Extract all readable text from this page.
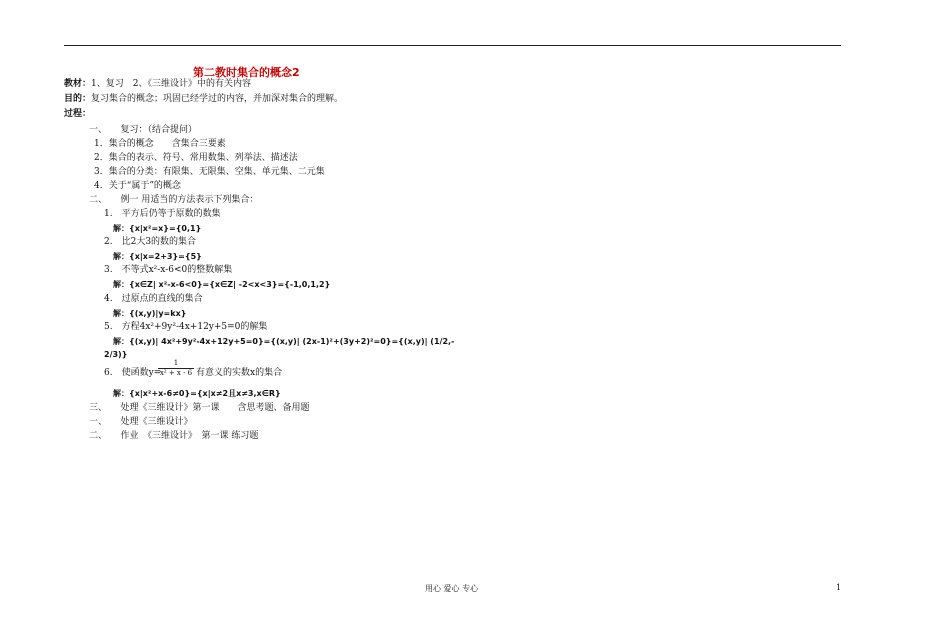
第二教时集合的概念2
教材：1、复习　2、《三维设计》中的有关内容
目的：复习集合的概念；巩固已经学过的内容，并加深对集合的理解。
过程：
一、　　复习：（结合提问）
1．集合的概念　　含集合三要素
2．集合的表示、符号、常用数集、列举法、描述法
3．集合的分类：有限集、无限集、空集、单元集、二元集
4．关于“属于”的概念
二、　　例一 用适当的方法表示下列集合：
1.　平方后仍等于原数的数集
解：{x|x²=x}={0,1}
2.　比2大3的数的集合
解：{x|x=2+3}={5}
3.　不等式x²-x-6<0的整数解集
解：{x∈Z| x²-x-6<0}={x∈Z| -2<x<3}={-1,0,1,2}
4.　过原点的直线的集合
解：{(x,y)|y=kx}
5.　方程4x²+9y²-4x+12y+5=0的解集
解：{(x,y)| 4x²+9y²-4x+12y+5=0}={(x,y)| (2x-1)²+(3y+2)²=0}={(x,y)| (1/2,-
2/3)}
6.　使函数y=
$\frac{1}{\text{x² + x - 6}}$ 有意义的实数x的集合
解：{x|x²+x-6≠0}={x|x≠2且x≠3,x∈R}
三、　　处理《三维设计》第一课　　含思考题、备用题
一、　　处理《三维设计》
二、　　作业　《三维设计》　第一课 练习题
用心 爱心 专心	1
